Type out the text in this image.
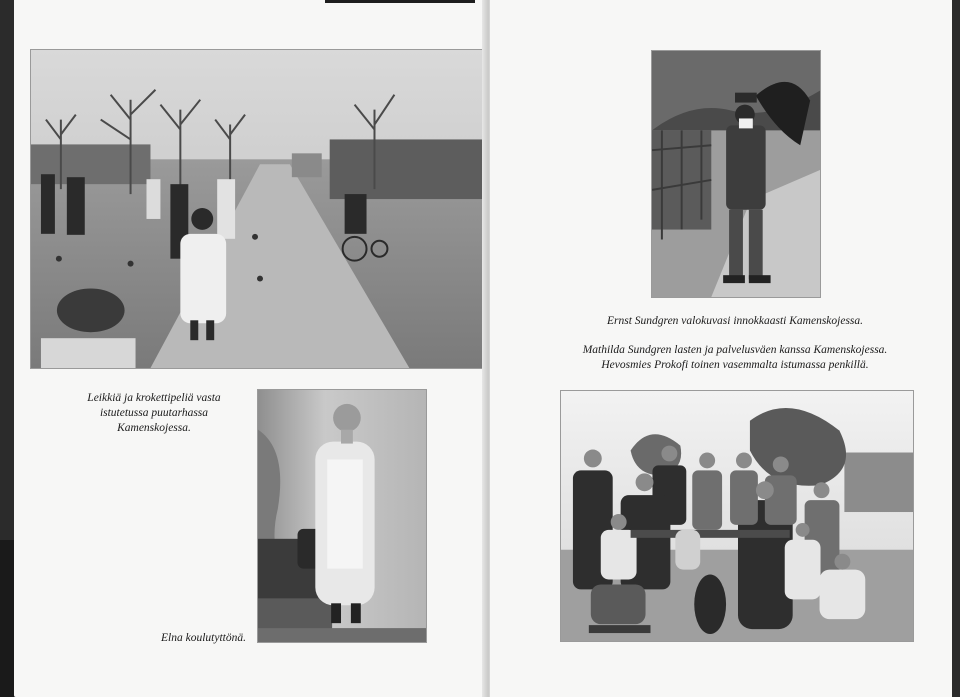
Leikkiä ja krokettipeliä vasta
istutetussa puutarhassa
Kamenskojessa.

Elna koulutyttönä.

Ernst Sundgren valokuvasi innokkaasti Kamenskojessa.

Mathilda Sundgren lasten ja palvelusväen kanssa Kamenskojessa.
Hevosmies Prokofi toinen vasemmalta istumassa penkillä.
